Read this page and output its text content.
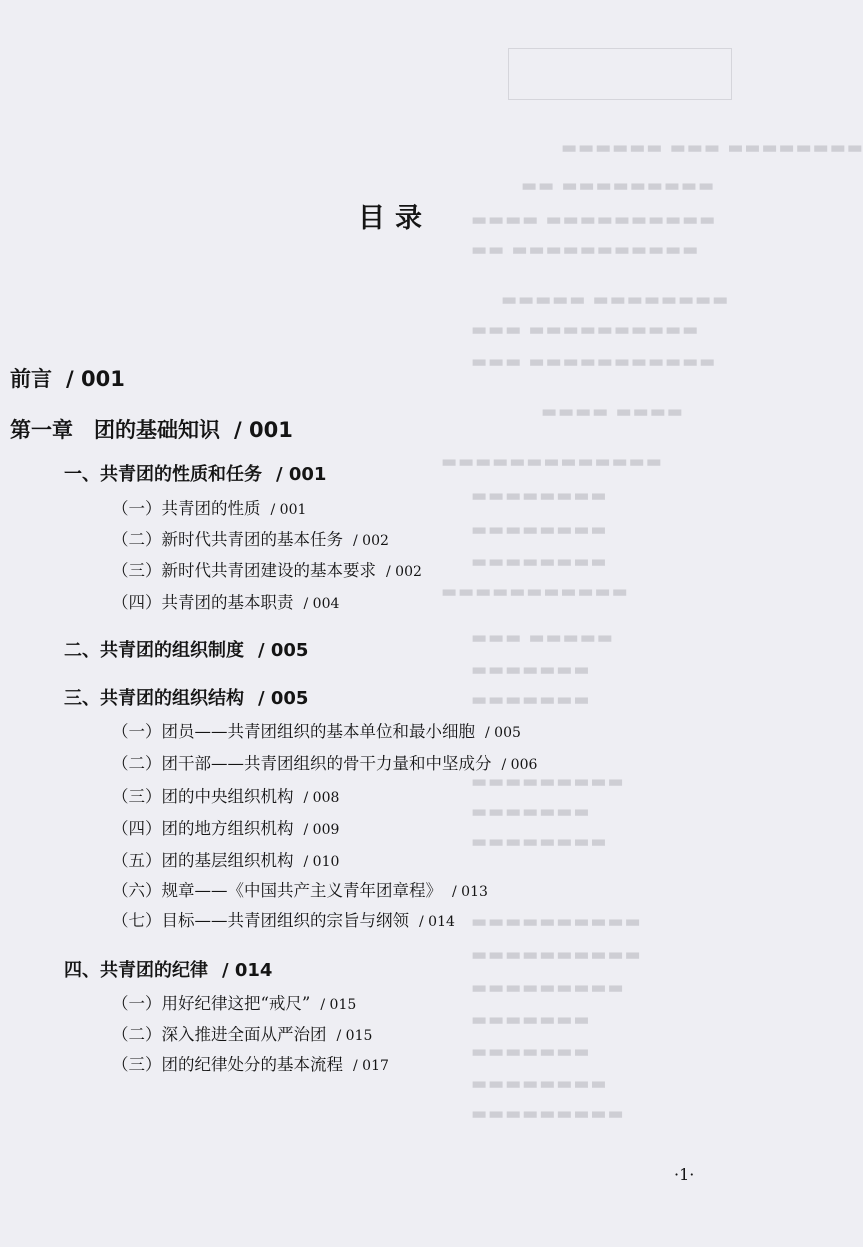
▬▬▬▬▬▬▬▬ ▬▬▬ ▬▬▬▬▬▬
▬▬▬▬▬▬▬▬▬ ▬▬
▬▬▬▬▬▬▬▬▬▬ ▬▬▬▬
▬▬▬▬▬▬▬▬▬▬▬ ▬▬
▬▬▬▬▬▬▬▬ ▬▬▬▬▬
▬▬▬▬▬▬▬▬▬▬ ▬▬▬
▬▬▬▬▬▬▬▬▬▬▬ ▬▬▬
▬▬▬▬ ▬▬▬▬
▬▬▬▬▬▬▬▬▬▬▬▬▬
▬▬▬▬▬▬▬▬
▬▬▬▬▬▬▬▬
▬▬▬▬▬▬▬▬
▬▬▬▬▬▬▬▬▬▬▬
▬▬▬▬▬ ▬▬▬
▬▬▬▬▬▬▬
▬▬▬▬▬▬▬
▬▬▬▬▬▬▬▬▬
▬▬▬▬▬▬▬
▬▬▬▬▬▬▬▬
▬▬▬▬▬▬▬▬▬▬
▬▬▬▬▬▬▬▬▬▬
▬▬▬▬▬▬▬▬▬
▬▬▬▬▬▬▬
▬▬▬▬▬▬▬
▬▬▬▬▬▬▬▬
▬▬▬▬▬▬▬▬▬
目录
前言 / 001
第一章　团的基础知识 / 001
一、共青团的性质和任务 / 001
（一）共青团的性质 / 001
（二）新时代共青团的基本任务 / 002
（三）新时代共青团建设的基本要求 / 002
（四）共青团的基本职责 / 004
二、共青团的组织制度 / 005
三、共青团的组织结构 / 005
（一）团员——共青团组织的基本单位和最小细胞 / 005
（二）团干部——共青团组织的骨干力量和中坚成分 / 006
（三）团的中央组织机构 / 008
（四）团的地方组织机构 / 009
（五）团的基层组织机构 / 010
（六）规章——《中国共产主义青年团章程》 / 013
（七）目标——共青团组织的宗旨与纲领 / 014
四、共青团的纪律 / 014
（一）用好纪律这把“戒尺” / 015
（二）深入推进全面从严治团 / 015
（三）团的纪律处分的基本流程 / 017
·1·
